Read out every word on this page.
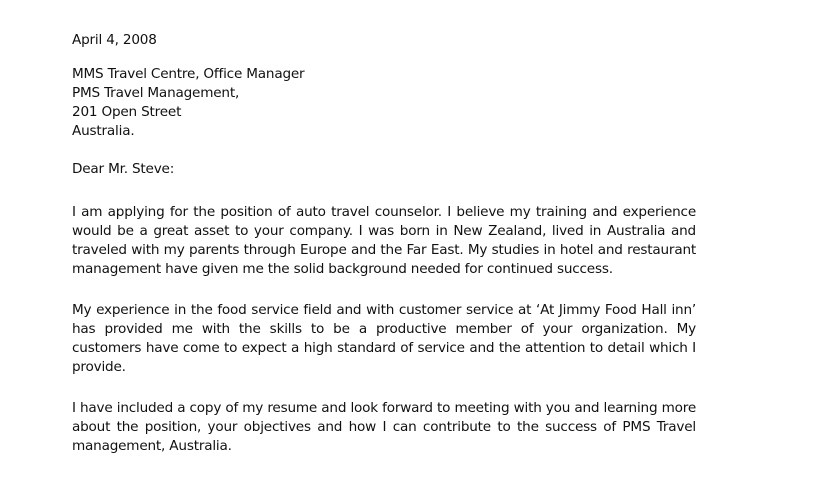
April 4, 2008
MMS Travel Centre, Office Manager
PMS Travel Management,
201 Open Street
Australia.
Dear Mr. Steve:

I am applying for the position of auto travel counselor. I believe my training and experience would be a great asset to your company. I was born in New Zealand, lived in Australia and traveled with my parents through Europe and the Far East. My studies in hotel and restaurant management have given me the solid background needed for continued success.

My experience in the food service field and with customer service at ‘At Jimmy Food Hall inn’ has provided me with the skills to be a productive member of your organization. My customers have come to expect a high standard of service and the attention to detail which I provide.

I have included a copy of my resume and look forward to meeting with you and learning more about the position, your objectives and how I can contribute to the success of PMS Travel management, Australia.
